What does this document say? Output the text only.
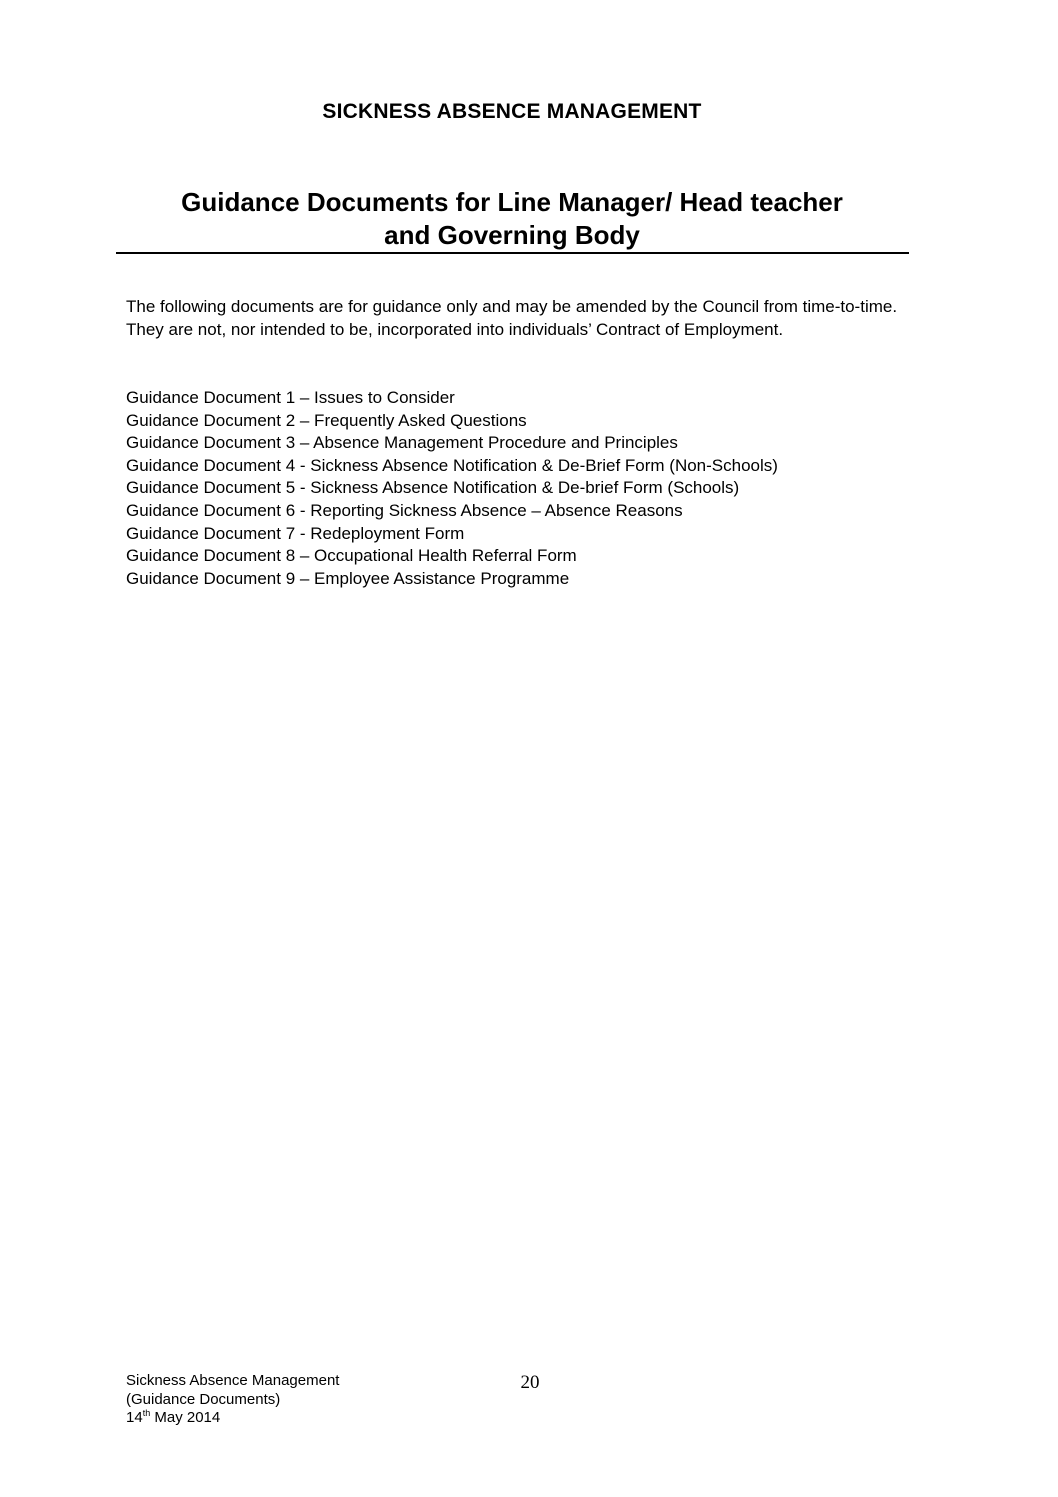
SICKNESS ABSENCE MANAGEMENT
Guidance Documents for Line Manager/ Head teacher
and Governing Body
The following documents are for guidance only and may be amended by the Council from time-to-time. They are not, nor intended to be, incorporated into individuals’ Contract of Employment.
Guidance Document 1 – Issues to Consider
Guidance Document 2 – Frequently Asked Questions
Guidance Document 3 – Absence Management Procedure and Principles
Guidance Document 4 - Sickness Absence Notification & De-Brief Form (Non-Schools)
Guidance Document 5 - Sickness Absence Notification & De-brief Form (Schools)
Guidance Document 6 - Reporting Sickness Absence – Absence Reasons
Guidance Document 7 - Redeployment Form
Guidance Document 8 – Occupational Health Referral Form
Guidance Document 9 – Employee Assistance Programme
Sickness Absence Management
(Guidance Documents)
14th May 2014
20
